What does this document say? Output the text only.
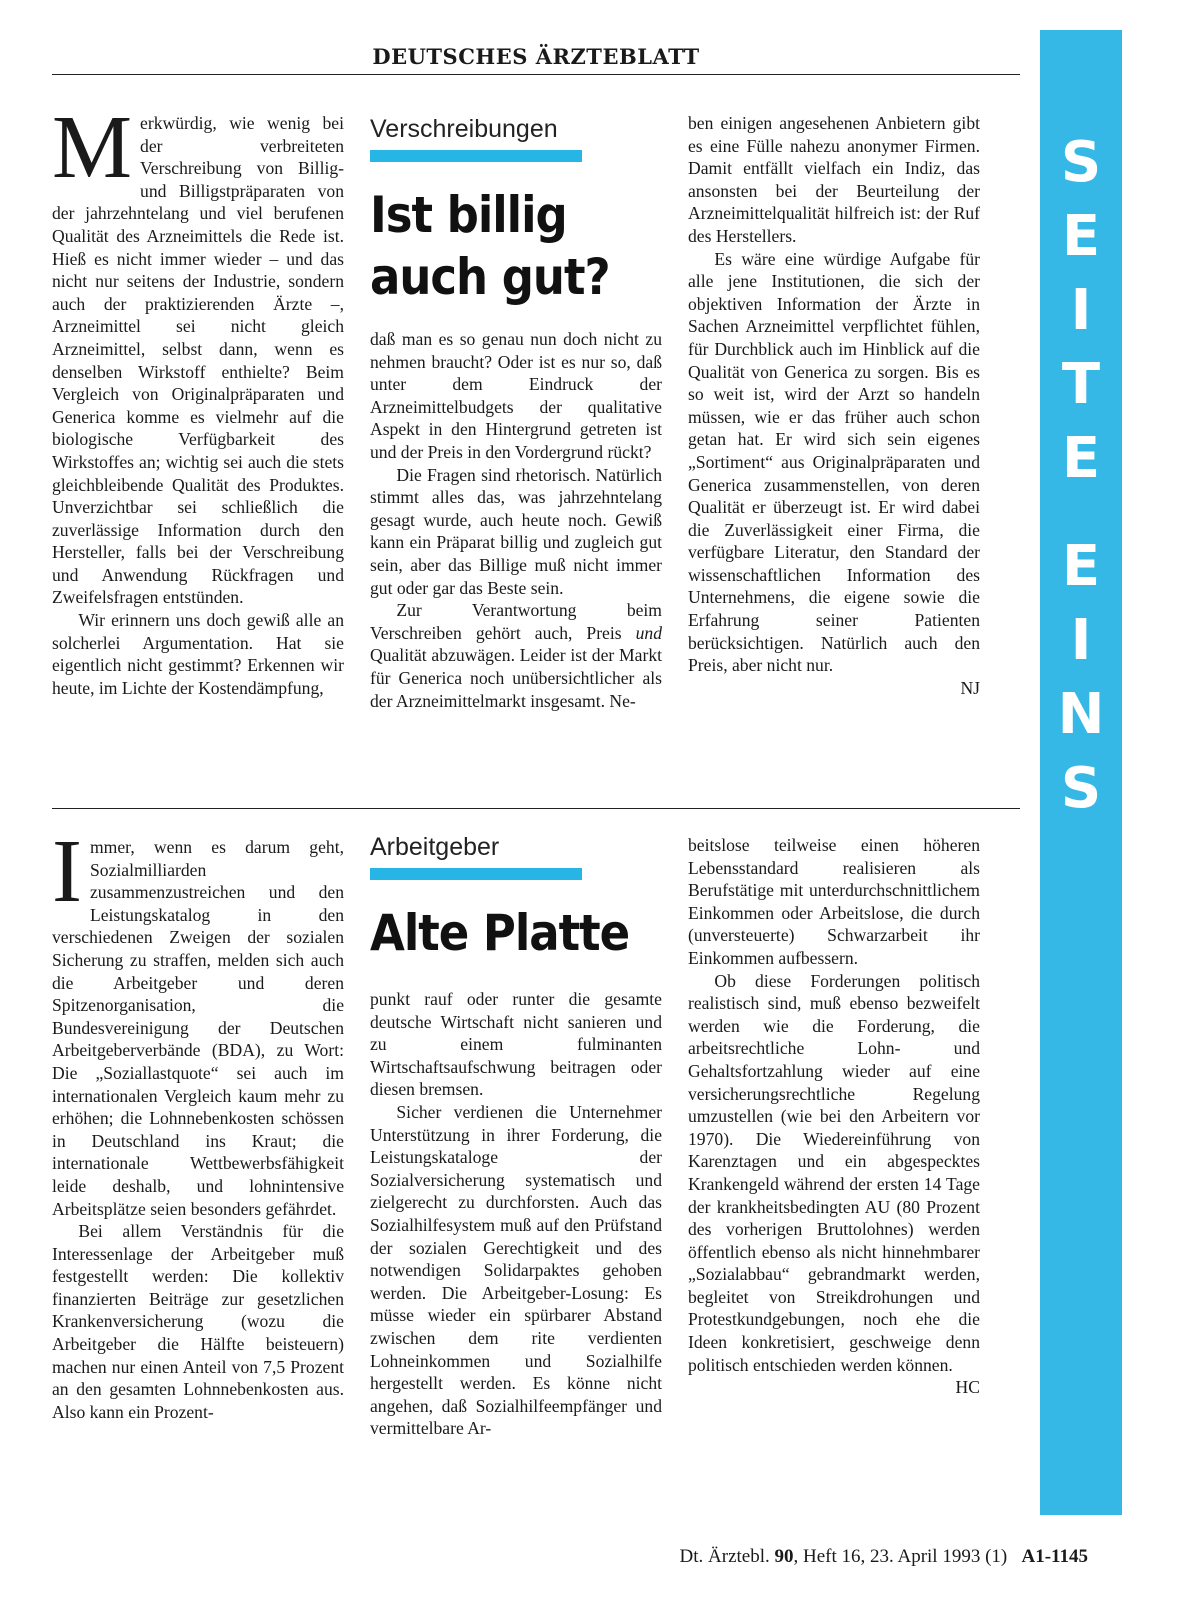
DEUTSCHES ÄRZTEBLATT

Merkwürdig, wie wenig bei der verbreiteten Verschreibung von Billig- und Billigstpräparaten von der jahrzehntelang und viel berufenen Qualität des Arzneimittels die Rede ist. Hieß es nicht immer wieder – und das nicht nur seitens der Industrie, sondern auch der praktizierenden Ärzte –, Arzneimittel sei nicht gleich Arzneimittel, selbst dann, wenn es denselben Wirkstoff enthielte? Beim Vergleich von Originalpräparaten und Generica komme es vielmehr auf die biologische Verfügbarkeit des Wirkstoffes an; wichtig sei auch die stets gleichbleibende Qualität des Produktes. Unverzichtbar sei schließlich die zuverlässige Information durch den Hersteller, falls bei der Verschreibung und Anwendung Rückfragen und Zweifelsfragen entstünden.

Wir erinnern uns doch gewiß alle an solcherlei Argumentation. Hat sie eigentlich nicht gestimmt? Erkennen wir heute, im Lichte der Kostendämpfung,

Verschreibungen
Ist billig
auch gut?

daß man es so genau nun doch nicht zu nehmen braucht? Oder ist es nur so, daß unter dem Eindruck der Arzneimittelbudgets der qualitative Aspekt in den Hintergrund getreten ist und der Preis in den Vordergrund rückt?

Die Fragen sind rhetorisch. Natürlich stimmt alles das, was jahrzehntelang gesagt wurde, auch heute noch. Gewiß kann ein Präparat billig und zugleich gut sein, aber das Billige muß nicht immer gut oder gar das Beste sein.

Zur Verantwortung beim Verschreiben gehört auch, Preis und Qualität abzuwägen. Leider ist der Markt für Generica noch unübersichtlicher als der Arzneimittelmarkt insgesamt. Ne-

ben einigen angesehenen Anbietern gibt es eine Fülle nahezu anonymer Firmen. Damit entfällt vielfach ein Indiz, das ansonsten bei der Beurteilung der Arzneimittelqualität hilfreich ist: der Ruf des Herstellers.

Es wäre eine würdige Aufgabe für alle jene Institutionen, die sich der objektiven Information der Ärzte in Sachen Arzneimittel verpflichtet fühlen, für Durchblick auch im Hinblick auf die Qualität von Generica zu sorgen. Bis es so weit ist, wird der Arzt so handeln müssen, wie er das früher auch schon getan hat. Er wird sich sein eigenes „Sortiment“ aus Originalpräparaten und Generica zusammenstellen, von deren Qualität er überzeugt ist. Er wird dabei die Zuverlässigkeit einer Firma, die verfügbare Literatur, den Standard der wissenschaftlichen Information des Unternehmens, die eigene sowie die Erfahrung seiner Patienten berücksichtigen. Natürlich auch den Preis, aber nicht nur.

NJ

Immer, wenn es darum geht, Sozialmilliarden zusammenzustreichen und den Leistungskatalog in den verschiedenen Zweigen der sozialen Sicherung zu straffen, melden sich auch die Arbeitgeber und deren Spitzenorganisation, die Bundesvereinigung der Deutschen Arbeitgeberverbände (BDA), zu Wort: Die „Soziallastquote“ sei auch im internationalen Vergleich kaum mehr zu erhöhen; die Lohnnebenkosten schössen in Deutschland ins Kraut; die internationale Wettbewerbsfähigkeit leide deshalb, und lohnintensive Arbeitsplätze seien besonders gefährdet.

Bei allem Verständnis für die Interessenlage der Arbeitgeber muß festgestellt werden: Die kollektiv finanzierten Beiträge zur gesetzlichen Krankenversicherung (wozu die Arbeitgeber die Hälfte beisteuern) machen nur einen Anteil von 7,5 Prozent an den gesamten Lohnnebenkosten aus. Also kann ein Prozent-

Arbeitgeber
Alte Platte

punkt rauf oder runter die gesamte deutsche Wirtschaft nicht sanieren und zu einem fulminanten Wirtschaftsaufschwung beitragen oder diesen bremsen.

Sicher verdienen die Unternehmer Unterstützung in ihrer Forderung, die Leistungskataloge der Sozialversicherung systematisch und zielgerecht zu durchforsten. Auch das Sozialhilfesystem muß auf den Prüfstand der sozialen Gerechtigkeit und des notwendigen Solidarpaktes gehoben werden. Die Arbeitgeber-Losung: Es müsse wieder ein spürbarer Abstand zwischen dem rite verdienten Lohneinkommen und Sozialhilfe hergestellt werden. Es könne nicht angehen, daß Sozialhilfeempfänger und vermittelbare Ar-

beitslose teilweise einen höheren Lebensstandard realisieren als Berufstätige mit unterdurchschnittlichem Einkommen oder Arbeitslose, die durch (unversteuerte) Schwarzarbeit ihr Einkommen aufbessern.

Ob diese Forderungen politisch realistisch sind, muß ebenso bezweifelt werden wie die Forderung, die arbeitsrechtliche Lohn- und Gehaltsfortzahlung wieder auf eine versicherungsrechtliche Regelung umzustellen (wie bei den Arbeitern vor 1970). Die Wiedereinführung von Karenztagen und ein abgespecktes Krankengeld während der ersten 14 Tage der krankheitsbedingten AU (80 Prozent des vorherigen Bruttolohnes) werden öffentlich ebenso als nicht hinnehmbarer „Sozialabbau“ gebrandmarkt werden, begleitet von Streikdrohungen und Protestkundgebungen, noch ehe die Ideen konkretisiert, geschweige denn politisch entschieden werden können.

HC

S
E
I
T
E
E
I
N
S
Dt. Ärztebl. 90, Heft 16, 23. April 1993 (1) A1-1145
